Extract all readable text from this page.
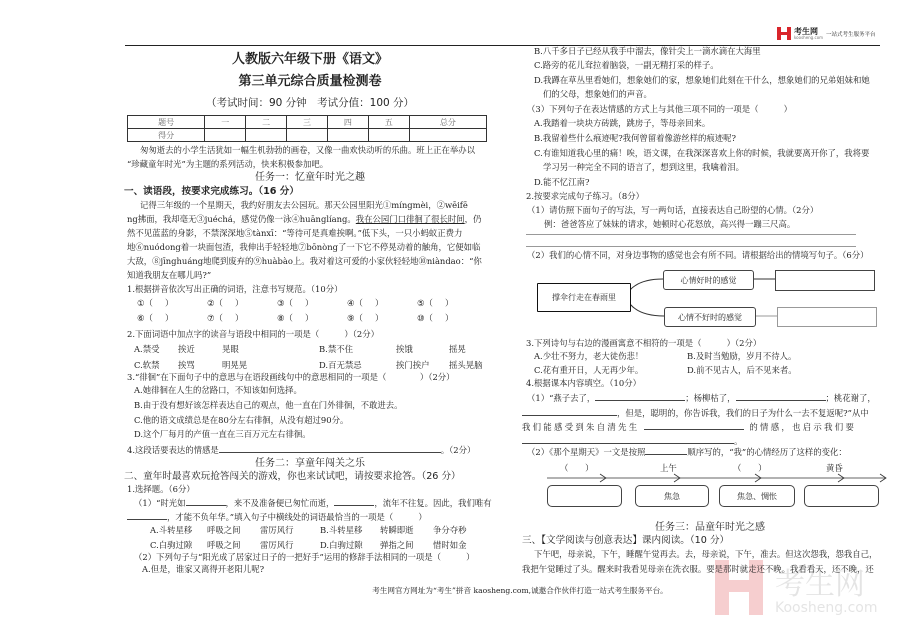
考生网
koosheng.com 一站式考生服务平台
人教版六年级下册《语文》
第三单元综合质量检测卷
（考试时间：90 分钟　考试分值：100 分）
题号	一	二	三	四	五	总分
得分						
匆匆逝去的小学生活犹如一幅生机勃勃的画卷，又像一曲欢快动听的乐曲。班上正在举办以
“珍藏童年时光”为主题的系列活动，快来积极参加吧。
任务一：忆童年时光之趣
一、读语段，按要求完成练习。（16 分）
记得三年级的一个星期天，我约好朋友去公园玩。那天公园里阳光①míngmèi，②wēifē
ng拂面，我却毫无③juéchá，感觉仍像一泳④huānglíang。我在公园门口徘徊了很长时间，仍
然不见蓝蓝的身影，不禁深深地⑤tànxī：“等待可是真难挨啊。”低下头，一只小蚂蚁正费力
地⑥nuódong着一块面包渣，我伸出手轻轻地⑦bōnòng了一下它不停晃动着的触角，它便如临
大敌，⑧jīnghuáng地爬到废弃的⑨huàbào上。我对着这可爱的小家伙轻轻地⑩niàndao：“你
知道我朋友在哪儿吗?”
1.根据拼音依次写出正确的词语，注意书写规范。（10分）
①（	）	②（	）	③（	）	④（	）	⑤（	）
⑥（	）	⑦（	）	⑧（	）	⑨（	）	⑩（	）
2.下面词语中加点字的读音与语段中相同的一项是（　　　）（2分）
A.禁受 挨近	晃眼	B.禁不住	挨饿	摇晃
C.软禁 挨骂	明晃晃	D.百无禁忌	挨门挨户 摇头晃脑
3.“徘徊”在下面句子中的意思与在语段画线句中的意思相同的一项是（　　　　）（2分）
A.她徘徊在人生的岔路口，不知该如何选择。
B.由于没有想好该怎样表达自己的观点，他一直在门外徘徊，不敢进去。
C.他的语文成绩总是在80分左右徘徊，从没有超过90分。
D.这个厂每月的产值一直在三百万元左右徘徊。
4.这段话要表达的情感是	。（2分）
任务二：享童年闯关之乐
二、童年时最喜欢玩抢答闯关的游戏，你也来试试吧，请按要求抢答。（26 分）
1.选择题。（6分）
（1）“时光如	，来不及准备便已匆忙而逝，	，流年不往复。因此，我们唯有
，才能不负年华。”填入句子中横线处的词语最恰当的一项是（　　　）
A.斗转星移 呼吸之间 雷厉风行	B.斗转星移 转瞬即逝 争分夺秒
C.白驹过隙 呼吸之间 雷厉风行	D.白驹过隙 弹指之间 惜时如金
（2）下列句子与“阳光成了居家过日子的一把好手”运用的修辞手法相同的一项是（　　　）
A.但是，谁家又离得开老阳儿呢?
B.八千多日子已经从我手中溜去，像针尖上一滴水滴在大海里
C.路旁的花儿耷拉着脑袋，一副无精打采的样子。
D.我蹲在草丛里看她们，想象她们的家，想象她们此刻在干什么，想象她们的兄弟姐妹和她
们的父母，想象她们的声音。
（3）下列句子在表达情感的方式上与其他三项不同的一项是（　　　）
A.我踏着一块块方砖跳，跳房子，等母亲回来。
B.我留着些什么痕迹呢?我何曾留着像游丝样的痕迹呢?
C.有谁知道我心里的痛！唉，语文课，在我深深喜欢上你的时候，我就要离开你了，我将要
学习另一种完全不同的语言了，想到这里，我噙着泪。
D.能不忆江南?
2.按要求完成句子练习。（8分）
（1）请仿照下面句子的写法，写一两句话，直接表达自己盼望的心情。（2分）
例：爸爸答应了妹妹的请求，她顿时心花怒放，高兴得一蹦三尺高。
（2）我们的心情不同，对身边事物的感觉也会有所不同。请根据给出的情境写句子。（6分）
撑伞行走在春雨里
心情好时的感觉
心情不好时的感觉
3.下列诗句与右边的漫画寓意不相符的一项是（　　　）（2分）
A.少壮不努力，老大徒伤悲！	B.及时当勉励，岁月不待人。
C.花有重开日，人无再少年。	D.前不见古人，后不见来者。
4.根据课本内容填空。（10分）
（1）“燕子去了，	；杨柳枯了，	；桃花谢了，
，但是，聪明的，你告诉我，我们的日子为什么一去不复返呢?”从中
我们能感受到朱自清先生	的情感，也启示我们要
。
（2）《那个星期天》一文是按照	顺序写的，“我”的心情经历了这样的变化：
（　　）	上午	（　　）	黄昏
焦急	焦急、惆怅
考生网
Koosheng.com
任务三：品童年时光之感
三、【文学阅读与创意表达】课内阅读。（10 分）
下午吧，母亲说，下午，睡醒午觉再去。去，母亲说，下午，准去。但这次怨我，怨我自己，
我把午觉睡过了头。醒来时我看见母亲在洗衣服。要是那时就走还不晚。我看看天，还不晚，还
考生网官方网址为“考生”拼音 kaosheng.com,诚邀合作伙伴打造一站式考生服务平台。
